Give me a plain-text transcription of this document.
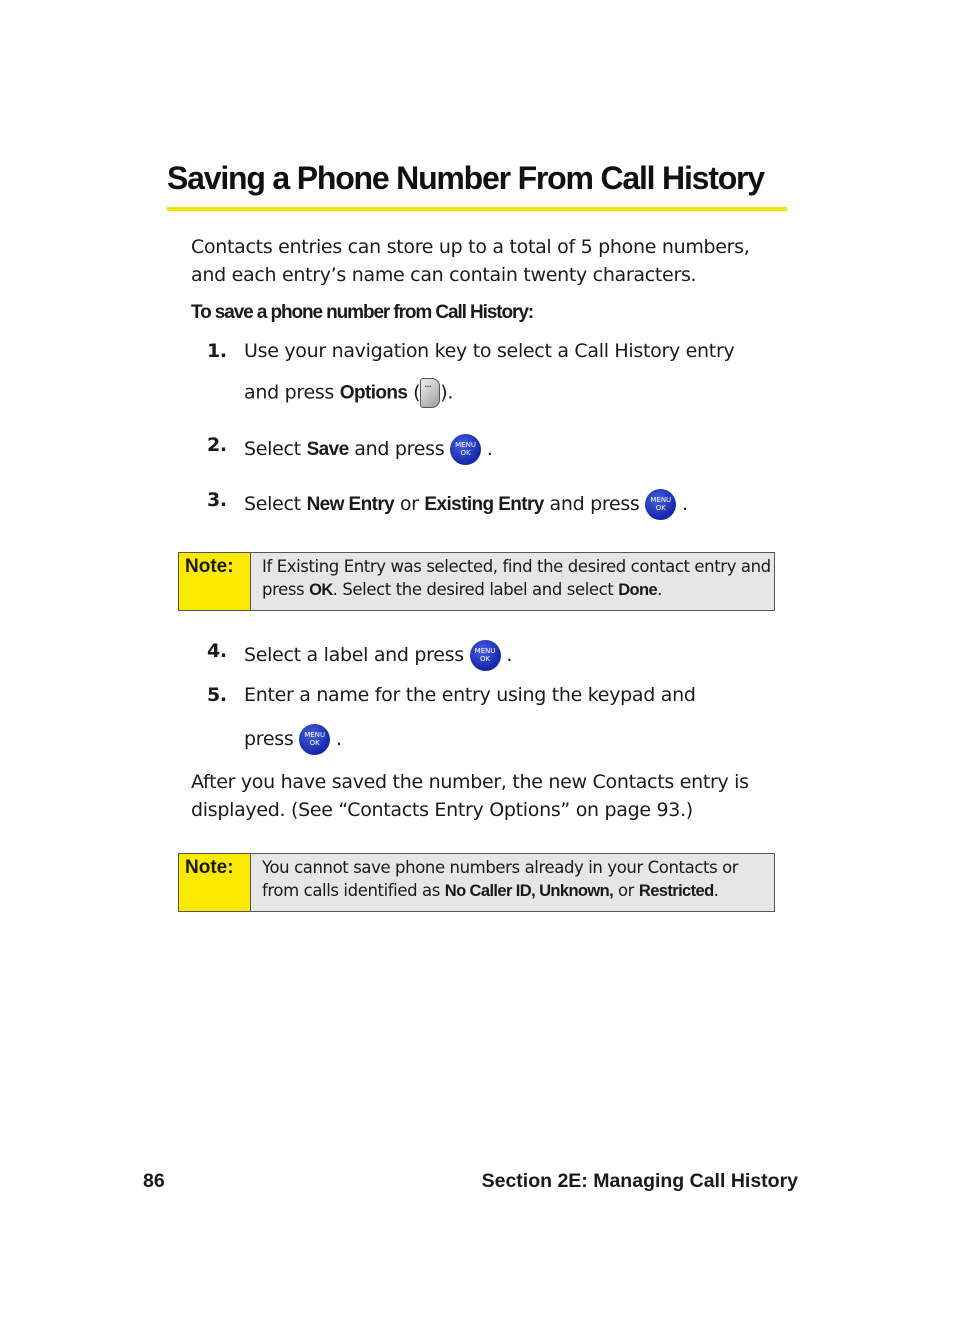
Saving a Phone Number From Call History

Contacts entries can store up to a total of 5 phone numbers, and each entry’s name can contain twenty characters.

To save a phone number from Call History:

1. Use your navigation key to select a Call History entry
and press Options (··· ).
2. Select Save and press MENU
OK .
3. Select New Entry or Existing Entry and press MENU
OK .
Note:	If Existing Entry was selected, find the desired contact entry and press OK. Select the desired label and select Done.
4. Select a label and press MENU
OK .
5. Enter a name for the entry using the keypad and
press MENU
OK .

After you have saved the number, the new Contacts entry is displayed. (See “Contacts Entry Options” on page 93.)

Note:	You cannot save phone numbers already in your Contacts or from calls identified as No Caller ID, Unknown, or Restricted.
86	Section 2E: Managing Call History
